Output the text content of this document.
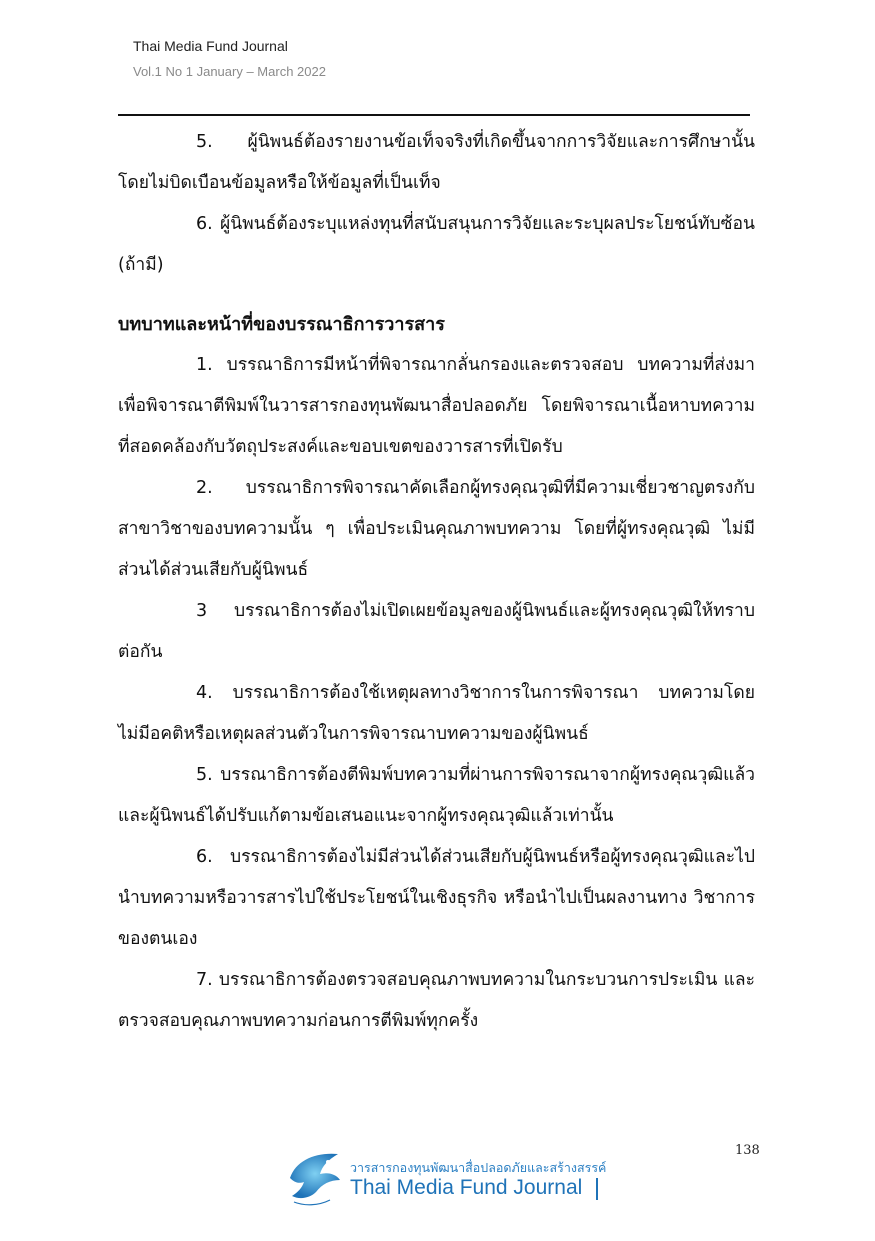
Thai Media Fund Journal
Vol.1 No 1 January – March 2022

5. ผู้นิพนธ์ต้องรายงานข้อเท็จจริงที่เกิดขึ้นจากการวิจัยและการศึกษานั้น โดยไม่บิดเบือนข้อมูลหรือให้ข้อมูลที่เป็นเท็จ

6. ผู้นิพนธ์ต้องระบุแหล่งทุนที่สนับสนุนการวิจัยและระบุผลประโยชน์ทับซ้อน (ถ้ามี)

บทบาทและหน้าที่ของบรรณาธิการวารสาร

1. บรรณาธิการมีหน้าที่พิจารณากลั่นกรองและตรวจสอบ บทความที่ส่งมา เพื่อพิจารณาตีพิมพ์ในวารสารกองทุนพัฒนาสื่อปลอดภัย โดยพิจารณาเนื้อหาบทความที่สอดคล้องกับวัตถุประสงค์และขอบเขตของวารสารที่เปิดรับ

2. บรรณาธิการพิจารณาคัดเลือกผู้ทรงคุณวุฒิที่มีความเชี่ยวชาญตรงกับสาขาวิชาของบทความนั้น ๆ เพื่อประเมินคุณภาพบทความ โดยที่ผู้ทรงคุณวุฒิ ไม่มีส่วนได้ส่วนเสียกับผู้นิพนธ์

3 บรรณาธิการต้องไม่เปิดเผยข้อมูลของผู้นิพนธ์และผู้ทรงคุณวุฒิให้ทราบต่อกัน

4. บรรณาธิการต้องใช้เหตุผลทางวิชาการในการพิจารณา บทความโดยไม่มีอคติหรือเหตุผลส่วนตัวในการพิจารณาบทความของผู้นิพนธ์

5. บรรณาธิการต้องตีพิมพ์บทความที่ผ่านการพิจารณาจากผู้ทรงคุณวุฒิแล้ว และผู้นิพนธ์ได้ปรับแก้ตามข้อเสนอแนะจากผู้ทรงคุณวุฒิแล้วเท่านั้น

6. บรรณาธิการต้องไม่มีส่วนได้ส่วนเสียกับผู้นิพนธ์หรือผู้ทรงคุณวุฒิและไปนำบทความหรือวารสารไปใช้ประโยชน์ในเชิงธุรกิจ หรือนำไปเป็นผลงานทาง วิชาการของตนเอง

7. บรรณาธิการต้องตรวจสอบคุณภาพบทความในกระบวนการประเมิน และตรวจสอบคุณภาพบทความก่อนการตีพิมพ์ทุกครั้ง

138
วารสารกองทุนพัฒนาสื่อปลอดภัยและสร้างสรรค์
Thai Media Fund Journal
